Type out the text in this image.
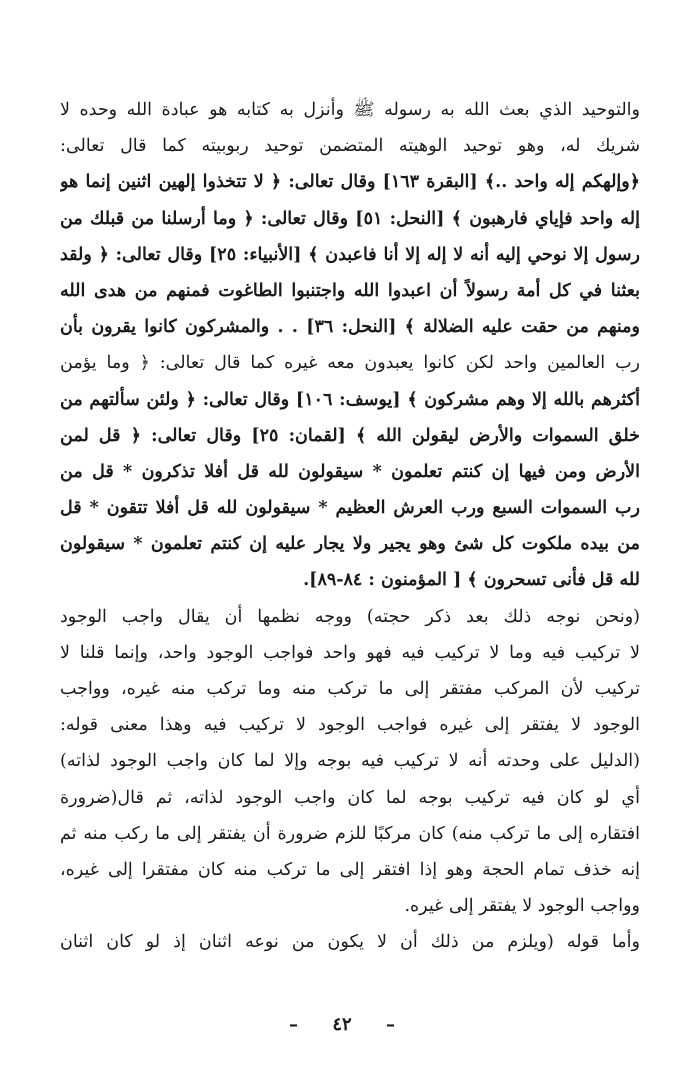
والتوحيد الذي بعث الله به رسوله ﷺ وأنزل به كتابه هو عبادة الله وحده لا
شريك له، وهو توحيد الوهيته المتضمن توحيد ربوبيته كما قال تعالى:
﴿وإلهكم إله واحد ..﴾ [البقرة ١٦٣] وقال تعالى: ﴿ لا تتخذوا إلهين اثنين إنما هو
إله واحد فإياي فارهبون ﴾ [النحل: ٥١] وقال تعالى: ﴿ وما أرسلنا من قبلك من
رسول إلا نوحي إليه أنه لا إله إلا أنا فاعبدن ﴾ [الأنبياء: ٢٥] وقال تعالى: ﴿ ولقد
بعثنا في كل أمة رسولاً أن اعبدوا الله واجتنبوا الطاغوت فمنهم من هدى الله
ومنهم من حقت عليه الضلالة ﴾ [النحل: ٣٦] . . والمشركون كانوا يقرون بأن
رب العالمين واحد لكن كانوا يعبدون معه غيره كما قال تعالى: ﴿ وما يؤمن
أكثرهم بالله إلا وهم مشركون ﴾ [يوسف: ١٠٦] وقال تعالى: ﴿ ولئن سألتهم من
خلق السموات والأرض ليقولن الله ﴾ [لقمان: ٢٥] وقال تعالى: ﴿ قل لمن
الأرض ومن فيها إن كنتم تعلمون * سيقولون لله قل أفلا تذكرون * قل من
رب السموات السبع ورب العرش العظيم * سيقولون لله قل أفلا تتقون * قل
من بيده ملكوت كل شئ وهو يجير ولا يجار عليه إن كنتم تعلمون * سيقولون
لله قل فأنى تسحرون ﴾ [ المؤمنون : ٨٤-٨٩].
(ونحن نوجه ذلك بعد ذكر حجته) ووجه نظمها أن يقال واجب الوجود
لا تركيب فيه وما لا تركيب فيه فهو واحد فواجب الوجود واحد، وإنما قلنا لا
تركيب لأن المركب مفتقر إلى ما تركب منه وما تركب منه غيره، وواجب
الوجود لا يفتقر إلى غيره فواجب الوجود لا تركيب فيه وهذا معنى قوله:
(الدليل على وحدته أنه لا تركيب فيه بوجه وإلا لما كان واجب الوجود لذاته)
أي لو كان فيه تركيب بوجه لما كان واجب الوجود لذاته، ثم قال(ضرورة
افتقاره إلى ما تركب منه) كان مركبًا للزم ضرورة أن يفتقر إلى ما ركب منه ثم
إنه خذف تمام الحجة وهو إذا افتقر إلى ما تركب منه كان مفتقرا إلى غيره،
وواجب الوجود لا يفتقر إلى غيره.
وأما قوله (ويلزم من ذلك أن لا يكون من نوعه اثنان إذ لو كان اثنان
– ٤٢ –
